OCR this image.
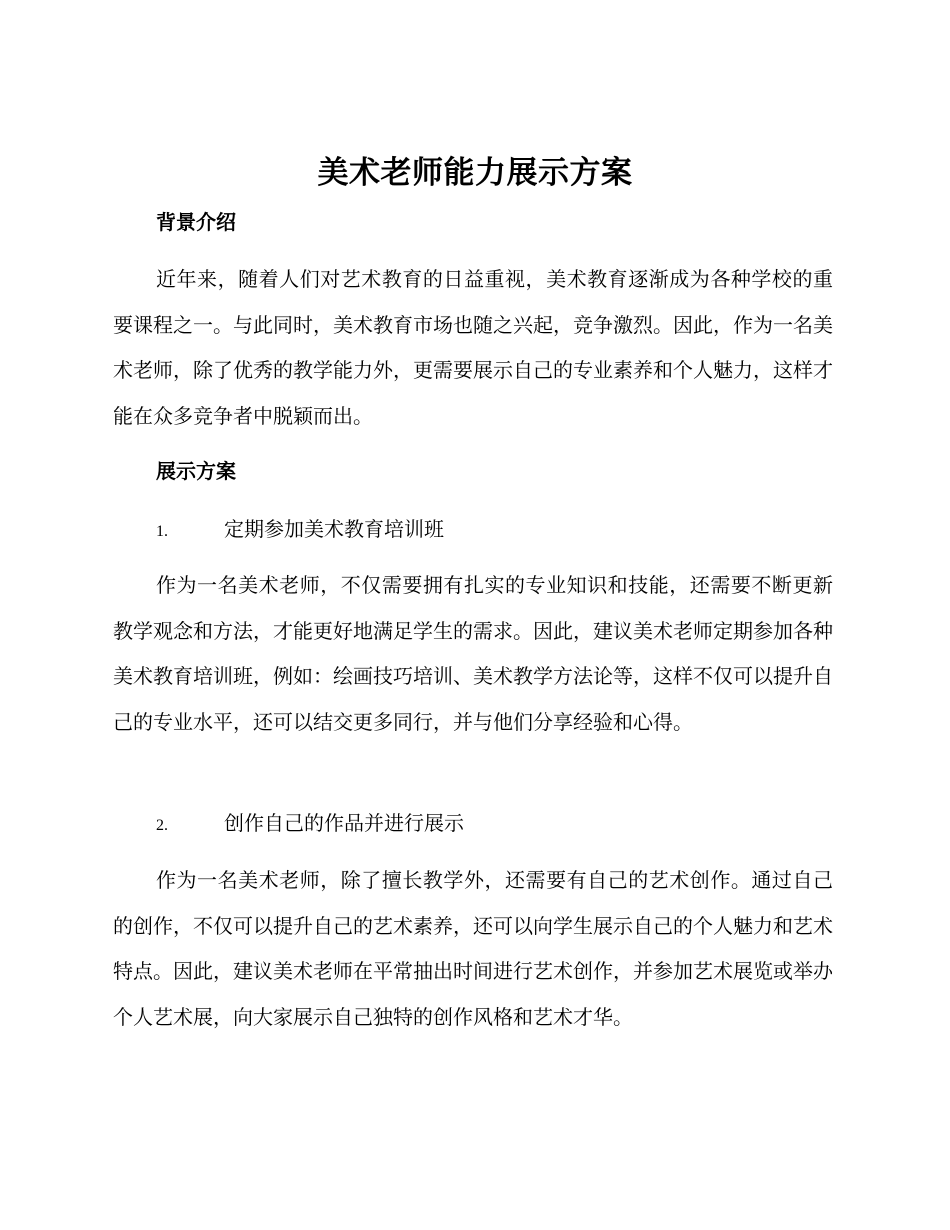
美术老师能力展示方案
背景介绍

近年来，随着人们对艺术教育的日益重视，美术教育逐渐成为各种学校的重要课程之一。与此同时，美术教育市场也随之兴起，竞争激烈。因此，作为一名美术老师，除了优秀的教学能力外，更需要展示自己的专业素养和个人魅力，这样才能在众多竞争者中脱颖而出。

展示方案
1.	定期参加美术教育培训班

作为一名美术老师，不仅需要拥有扎实的专业知识和技能，还需要不断更新教学观念和方法，才能更好地满足学生的需求。因此，建议美术老师定期参加各种美术教育培训班，例如：绘画技巧培训、美术教学方法论等，这样不仅可以提升自己的专业水平，还可以结交更多同行，并与他们分享经验和心得。

2.	创作自己的作品并进行展示

作为一名美术老师，除了擅长教学外，还需要有自己的艺术创作。通过自己的创作，不仅可以提升自己的艺术素养，还可以向学生展示自己的个人魅力和艺术特点。因此，建议美术老师在平常抽出时间进行艺术创作，并参加艺术展览或举办个人艺术展，向大家展示自己独特的创作风格和艺术才华。
